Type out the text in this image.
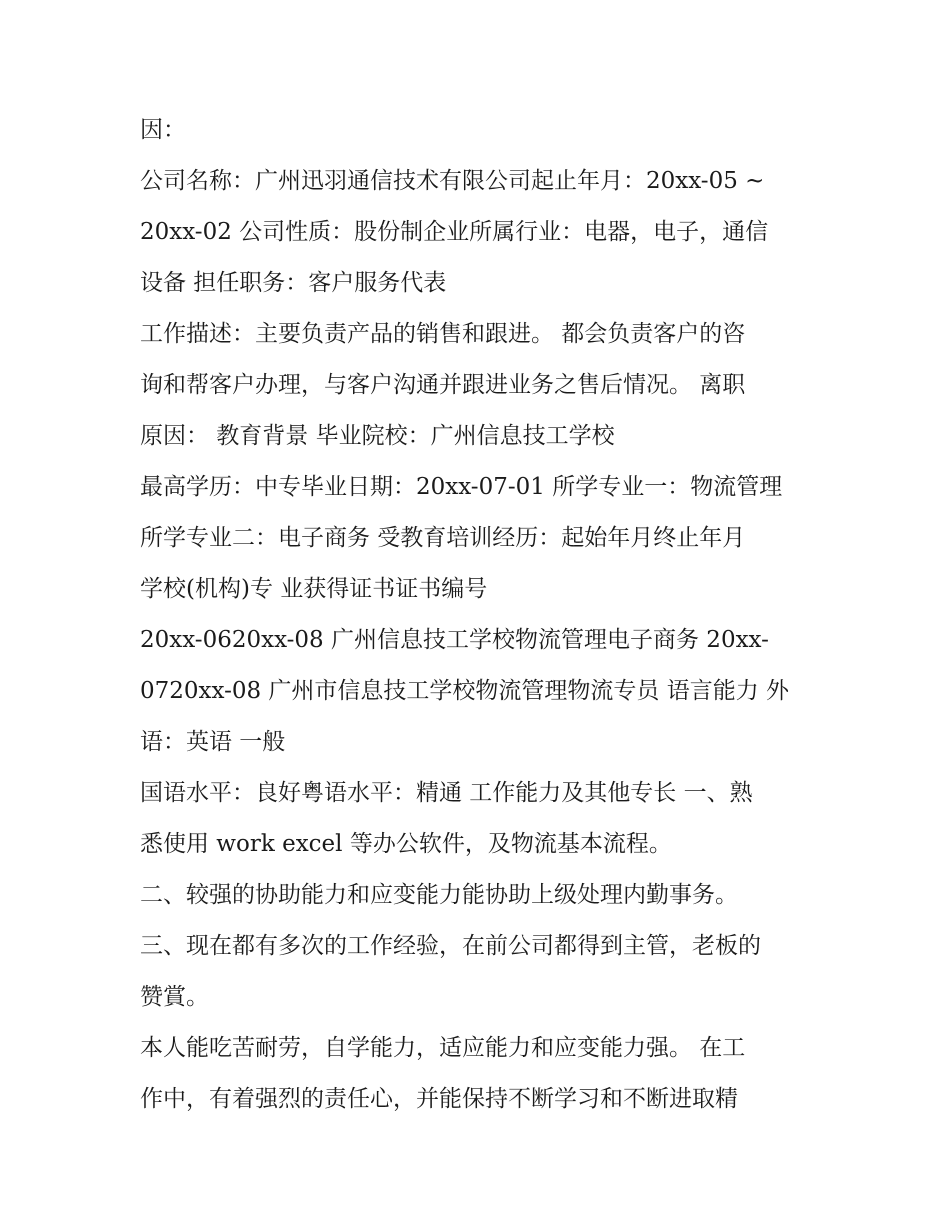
因：
公司名称：广州迅羽通信技术有限公司起止年月：20xx-05 ~
20xx-02 公司性质：股份制企业所属行业：电器，电子，通信
设备 担任职务：客户服务代表
工作描述：主要负责产品的销售和跟进。 都会负责客户的咨
询和帮客户办理，与客户沟通并跟进业务之售后情况。 离职
原因： 教育背景 毕业院校：广州信息技工学校
最高学历：中专毕业日期：20xx-07-01 所学专业一：物流管理
所学专业二：电子商务 受教育培训经历：起始年月终止年月
学校(机构)专 业获得证书证书编号
20xx-0620xx-08 广州信息技工学校物流管理电子商务 20xx-
0720xx-08 广州市信息技工学校物流管理物流专员 语言能力 外
语：英语 一般
国语水平：良好粤语水平：精通 工作能力及其他专长 一、熟
悉使用 work excel 等办公软件，及物流基本流程。
二、较强的协助能力和应变能力能协助上级处理内勤事务。
三、现在都有多次的工作经验，在前公司都得到主管，老板的
赞賞。
本人能吃苦耐劳，自学能力，适应能力和应变能力强。 在工
作中，有着强烈的责任心，并能保持不断学习和不断进取精
